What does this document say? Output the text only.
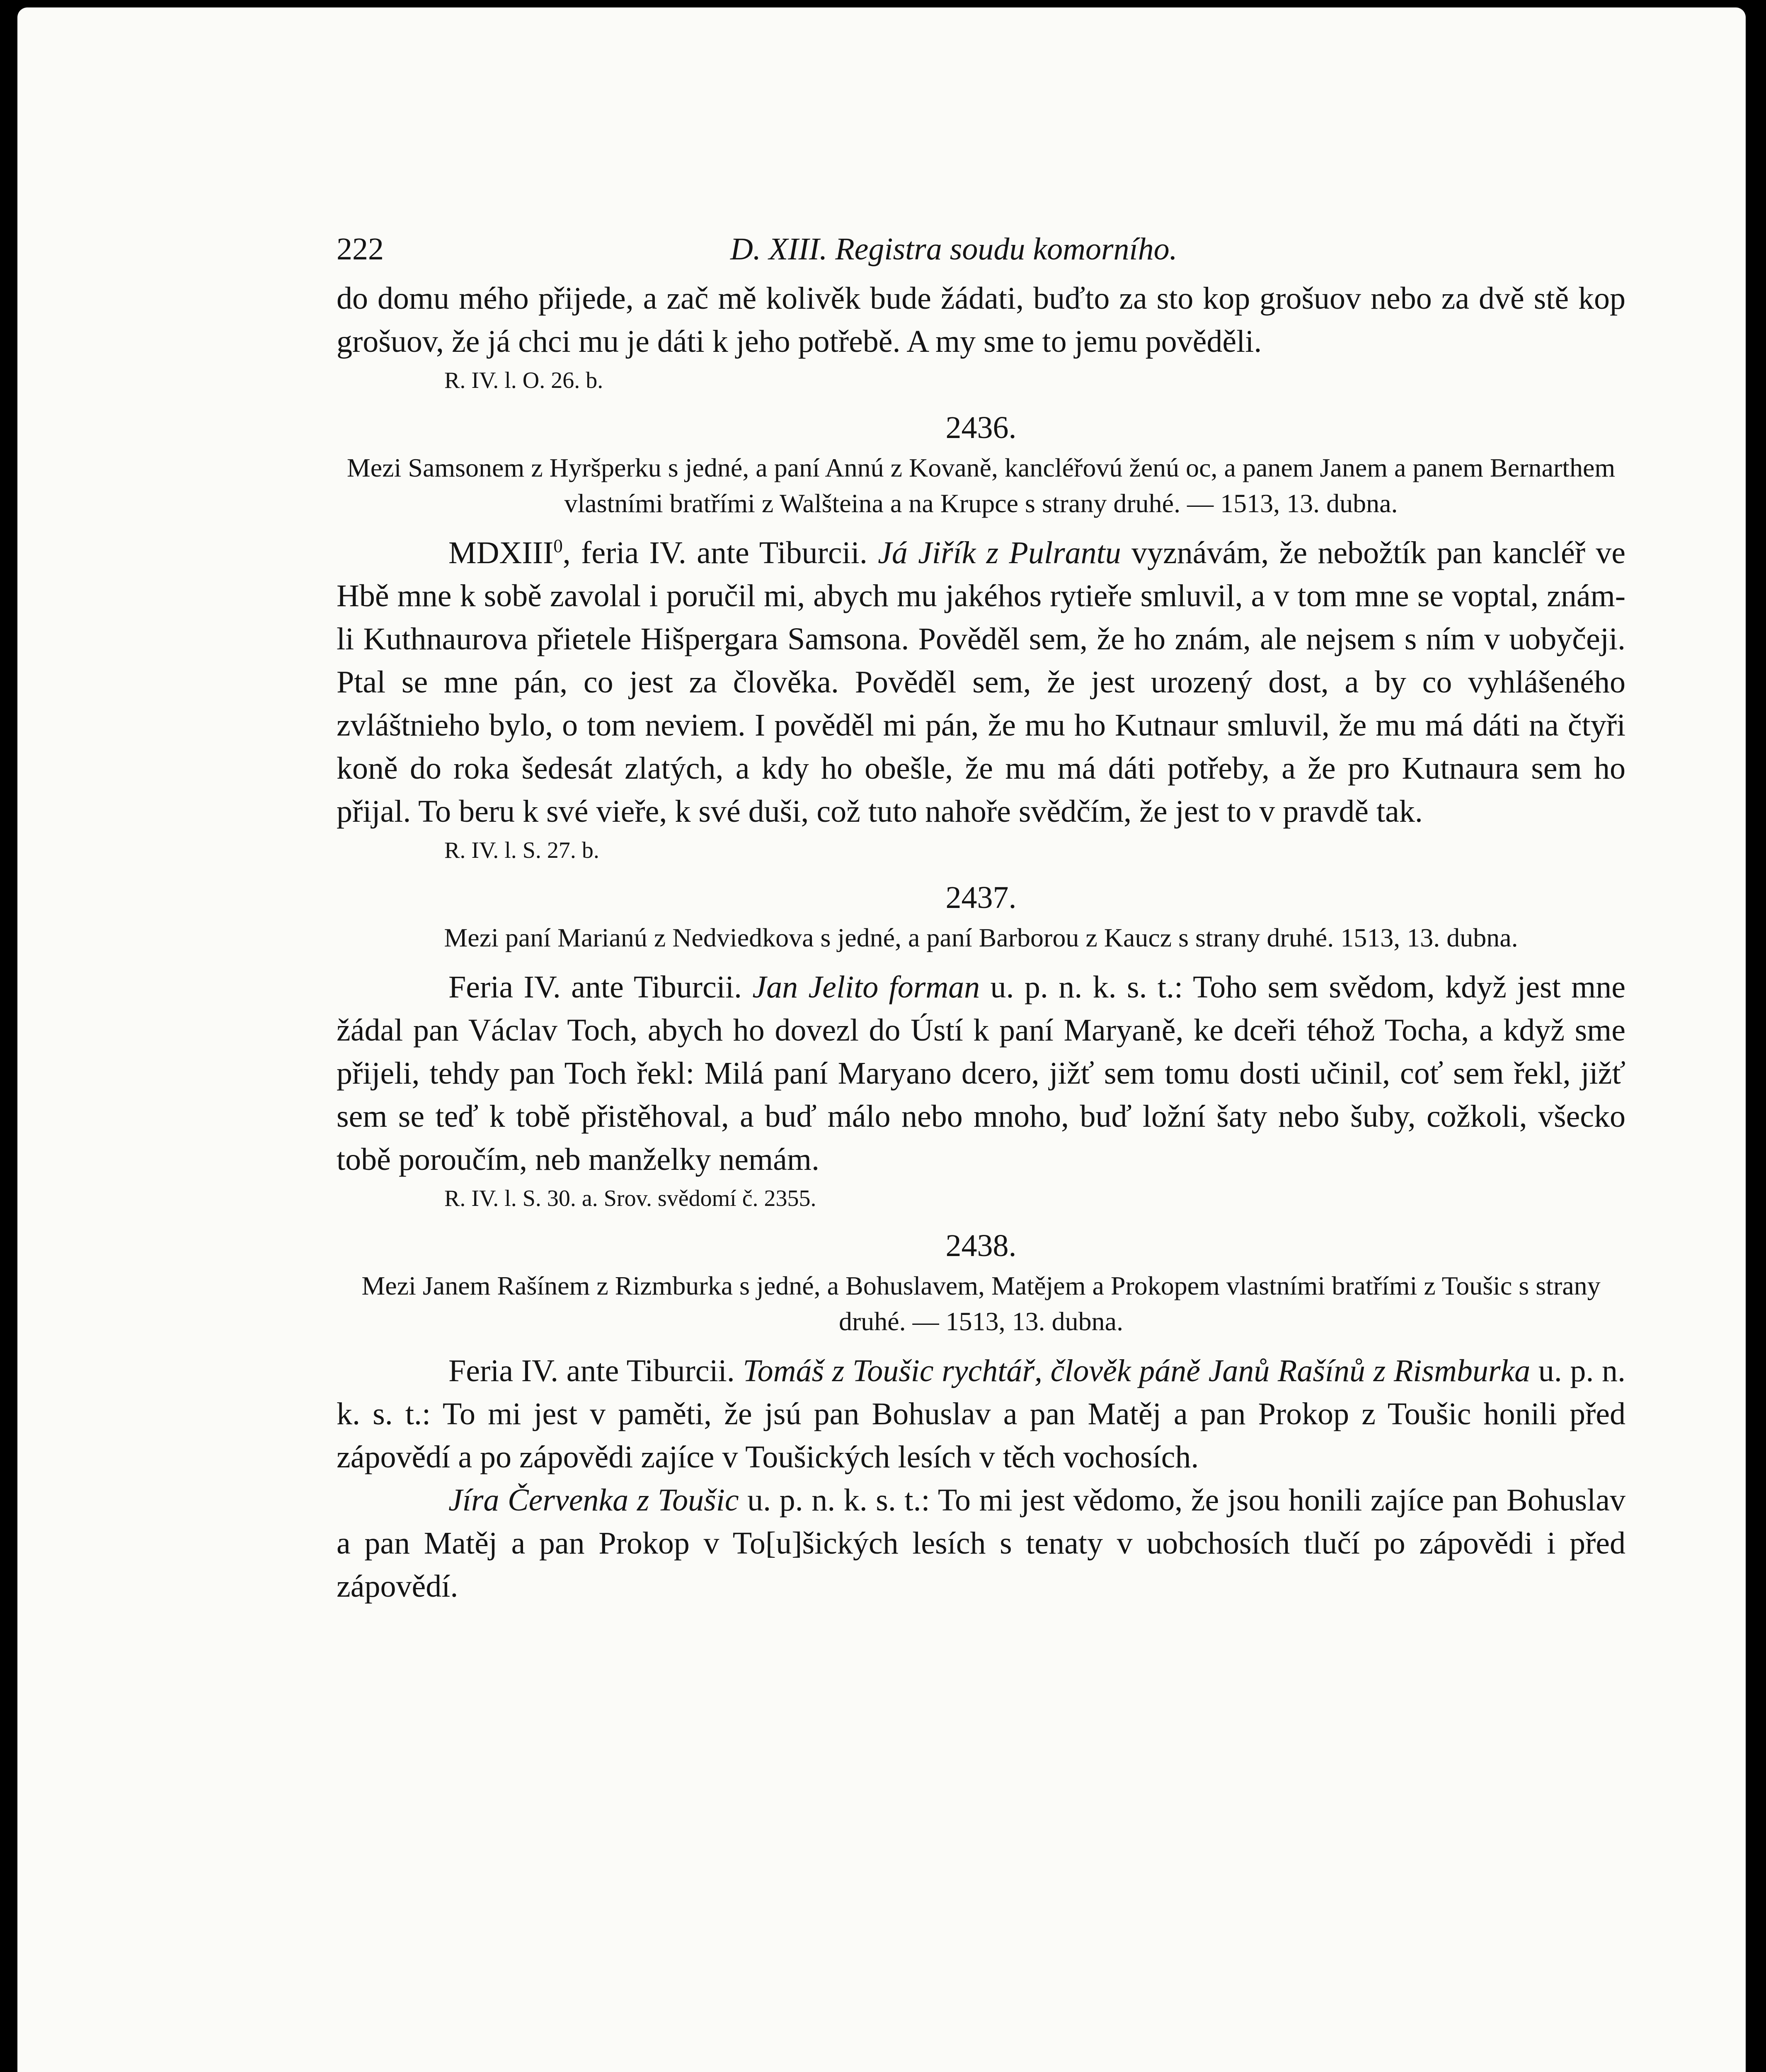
222	D. XIII. Registra soudu komorního.

do domu mého přijede, a zač mě kolivěk bude žádati, buďto za sto kop grošuov nebo za dvě stě kop grošuov, že já chci mu je dáti k jeho potřebě. A my sme to jemu pověděli.

R. IV. l. O. 26. b.

2436.
Mezi Samsonem z Hyršperku s jedné, a paní Annú z Kovaně, kancléřovú ženú oc, a panem Janem a panem Bernarthem vlastními bratřími z Walšteina a na Krupce s strany druhé. — 1513, 13. dubna.

MDXIII$^0$, feria IV. ante Tiburcii. Já Jiřík z Pulrantu vyznávám, že nebožtík pan kancléř ve Hbě mne k sobě zavolal i poručil mi, abych mu jakéhos rytieře smluvil, a v tom mne se voptal, znám-li Kuthnaurova přietele Hišpergara Samsona. Pověděl sem, že ho znám, ale nejsem s ním v uobyčeji. Ptal se mne pán, co jest za člověka. Pověděl sem, že jest urozený dost, a by co vyhlášeného zvláštnieho bylo, o tom neviem. I pověděl mi pán, že mu ho Kutnaur smluvil, že mu má dáti na čtyři koně do roka šedesát zlatých, a kdy ho obešle, že mu má dáti potřeby, a že pro Kutnaura sem ho přijal. To beru k své vieře, k své duši, což tuto nahoře svědčím, že jest to v pravdě tak.

R. IV. l. S. 27. b.

2437.
Mezi paní Marianú z Nedviedkova s jedné, a paní Barborou z Kaucz s strany druhé. 1513, 13. dubna.

Feria IV. ante Tiburcii. Jan Jelito forman u. p. n. k. s. t.: Toho sem svědom, když jest mne žádal pan Václav Toch, abych ho dovezl do Ústí k paní Maryaně, ke dceři téhož Tocha, a když sme přijeli, tehdy pan Toch řekl: Milá paní Maryano dcero, jižť sem tomu dosti učinil, coť sem řekl, jižť sem se teď k tobě přistěhoval, a buď málo nebo mnoho, buď ložní šaty nebo šuby, cožkoli, všecko tobě poroučím, neb manželky nemám.

R. IV. l. S. 30. a. Srov. svědomí č. 2355.

2438.
Mezi Janem Rašínem z Rizmburka s jedné, a Bohuslavem, Matějem a Prokopem vlastními bratřími z Toušic s strany druhé. — 1513, 13. dubna.

Feria IV. ante Tiburcii. Tomáš z Toušic rychtář, člověk páně Janů Rašínů z Rismburka u. p. n. k. s. t.: To mi jest v paměti, že jsú pan Bohuslav a pan Matěj a pan Prokop z Toušic honili před zápovědí a po zápovědi zajíce v Toušických lesích v těch vochosích.

Jíra Červenka z Toušic u. p. n. k. s. t.: To mi jest vědomo, že jsou honili zajíce pan Bohuslav a pan Matěj a pan Prokop v To[u]šických lesích s tenaty v uobchosích tlučí po zápovědi i před zápovědí.
